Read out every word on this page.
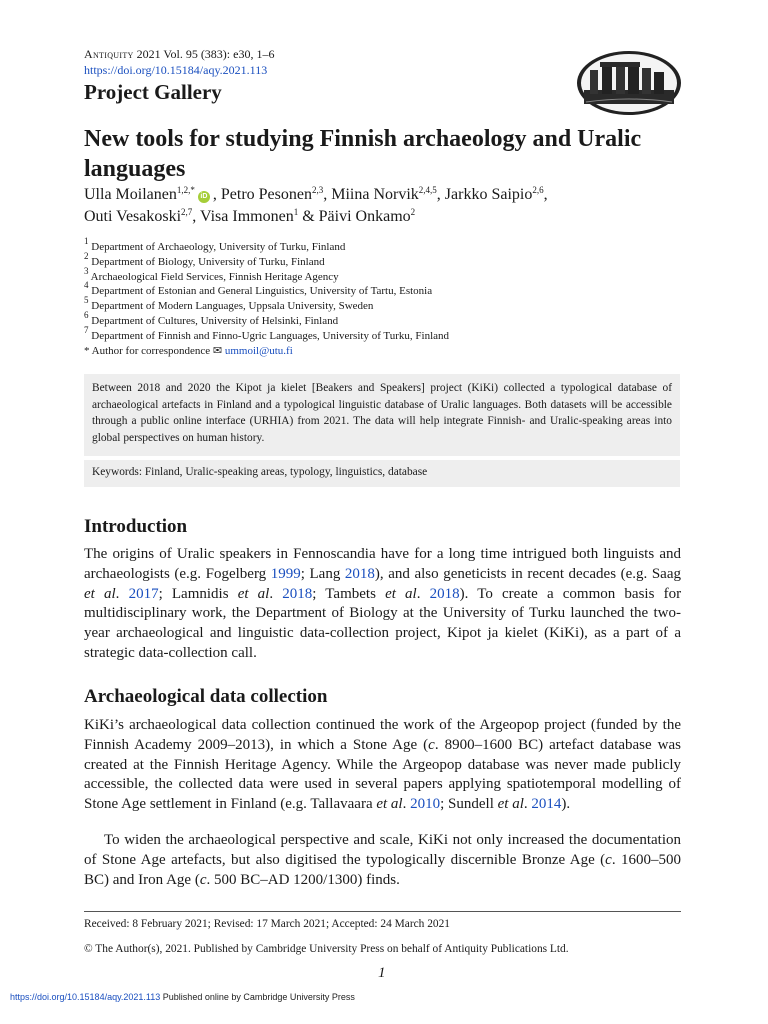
Antiquity 2021 Vol. 95 (383): e30, 1–6
https://doi.org/10.15184/aqy.2021.113
Project Gallery
New tools for studying Finnish archaeology and Uralic languages
Ulla Moilanen$^{1,2,*}$iD , Petro Pesonen$^{2,3}$, Miina Norvik$^{2,4,5}$, Jarkko Saipio$^{2,6}$,
Outi Vesakoski$^{2,7}$, Visa Immonen$^1$ & Päivi Onkamo$^2$
$^1$ Department of Archaeology, University of Turku, Finland
$^2$ Department of Biology, University of Turku, Finland
$^3$ Archaeological Field Services, Finnish Heritage Agency
$^4$ Department of Estonian and General Linguistics, University of Tartu, Estonia
$^5$ Department of Modern Languages, Uppsala University, Sweden
$^6$ Department of Cultures, University of Helsinki, Finland
$^7$ Department of Finnish and Finno-Ugric Languages, University of Turku, Finland
* Author for correspondence ✉ ummoil@utu.fi
Between 2018 and 2020 the Kipot ja kielet [Beakers and Speakers] project (KiKi) collected a typological database of archaeological artefacts in Finland and a typological linguistic database of Uralic languages. Both datasets will be accessible through a public online interface (URHIA) from 2021. The data will help integrate Finnish- and Uralic-speaking areas into global perspectives on human history.
Keywords: Finland, Uralic-speaking areas, typology, linguistics, database
Introduction
The origins of Uralic speakers in Fennoscandia have for a long time intrigued both linguists and archaeologists (e.g. Fogelberg 1999; Lang 2018), and also geneticists in recent decades (e.g. Saag et al. 2017; Lamnidis et al. 2018; Tambets et al. 2018). To create a common basis for multidisciplinary work, the Department of Biology at the University of Turku launched the two-year archaeological and linguistic data-collection project, Kipot ja kielet (KiKi), as a part of a strategic data-collection call.
Archaeological data collection
KiKi’s archaeological data collection continued the work of the Argeopop project (funded by the Finnish Academy 2009–2013), in which a Stone Age (c. 8900–1600 BC) artefact database was created at the Finnish Heritage Agency. While the Argeopop database was never made publicly accessible, the collected data were used in several papers applying spatiotemporal modelling of Stone Age settlement in Finland (e.g. Tallavaara et al. 2010; Sundell et al. 2014).
To widen the archaeological perspective and scale, KiKi not only increased the documentation of Stone Age artefacts, but also digitised the typologically discernible Bronze Age (c. 1600–500 BC) and Iron Age (c. 500 BC–AD 1200/1300) finds.
Received: 8 February 2021; Revised: 17 March 2021; Accepted: 24 March 2021
© The Author(s), 2021. Published by Cambridge University Press on behalf of Antiquity Publications Ltd.
1
https://doi.org/10.15184/aqy.2021.113 Published online by Cambridge University Press
